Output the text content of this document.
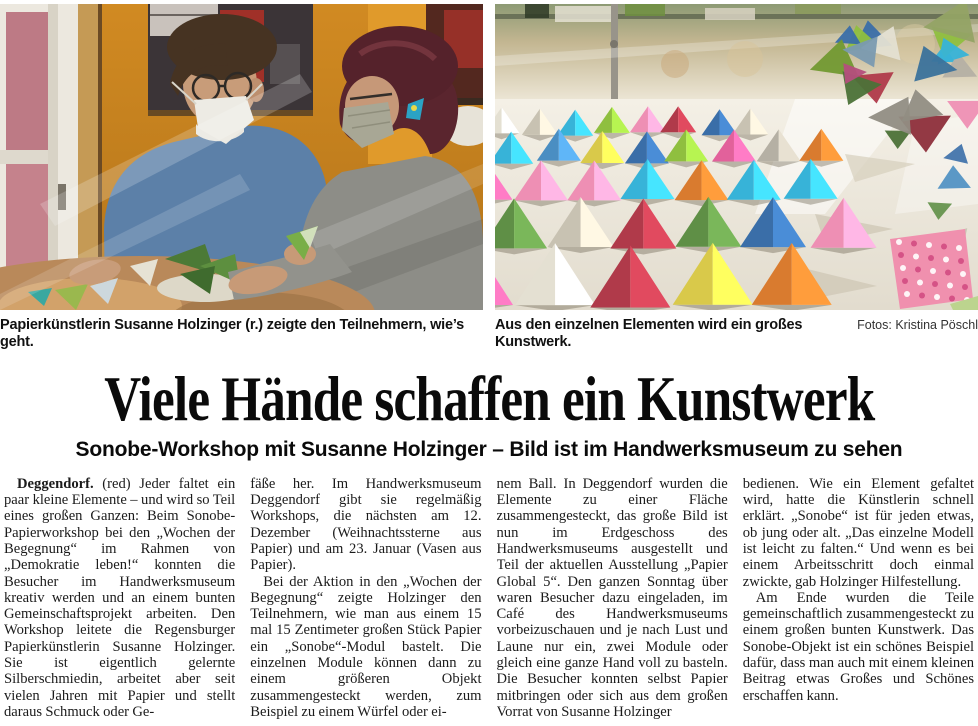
Papierkünstlerin Susanne Holzinger (r.) zeigte den Teilnehmern, wie’s geht.
Aus den einzelnen Elementen wird ein großes Kunstwerk.
Fotos: Kristina Pöschl
Viele Hände schaffen ein Kunstwerk
Sonobe-Workshop mit Susanne Holzinger – Bild ist im Handwerksmuseum zu sehen

Deggendorf. (red) Jeder faltet ein paar kleine Elemente – und wird so Teil eines großen Ganzen: Beim Sonobe-Papierworkshop bei den „Wochen der Begegnung“ im Rahmen von „Demokratie leben!“ konnten die Besucher im Handwerksmuseum kreativ werden und an einem bunten Gemeinschaftsprojekt arbeiten. Den Workshop leitete die Regensburger Papierkünstlerin Susanne Holzinger. Sie ist eigentlich gelernte Silberschmiedin, arbeitet aber seit vielen Jahren mit Papier und stellt daraus Schmuck oder Ge-

fäße her. Im Handwerksmuseum Deggendorf gibt sie regelmäßig Workshops, die nächsten am 12. Dezember (Weihnachtssterne aus Papier) und am 23. Januar (Vasen aus Papier).

Bei der Aktion in den „Wochen der Begegnung“ zeigte Holzinger den Teilnehmern, wie man aus einem 15 mal 15 Zentimeter großen Stück Papier ein „Sonobe“-Modul bastelt. Die einzelnen Module können dann zu einem größeren Objekt zusammengesteckt werden, zum Beispiel zu einem Würfel oder ei-

nem Ball. In Deggendorf wurden die Elemente zu einer Fläche zusammengesteckt, das große Bild ist nun im Erdgeschoss des Handwerksmuseums ausgestellt und Teil der aktuellen Ausstellung „Papier Global 5“. Den ganzen Sonntag über waren Besucher dazu eingeladen, im Café des Handwerksmuseums vorbeizuschauen und je nach Lust und Laune nur ein, zwei Module oder gleich eine ganze Hand voll zu basteln. Die Besucher konnten selbst Papier mitbringen oder sich aus dem großen Vorrat von Susanne Holzinger

bedienen. Wie ein Element gefaltet wird, hatte die Künstlerin schnell erklärt. „Sonobe“ ist für jeden etwas, ob jung oder alt. „Das einzelne Modell ist leicht zu falten.“ Und wenn es bei einem Arbeitsschritt doch einmal zwickte, gab Holzinger Hilfestellung.

Am Ende wurden die Teile gemeinschaftlich zusammengesteckt zu einem großen bunten Kunstwerk. Das Sonobe-Objekt ist ein schönes Beispiel dafür, dass man auch mit einem kleinen Beitrag etwas Großes und Schönes erschaffen kann.
